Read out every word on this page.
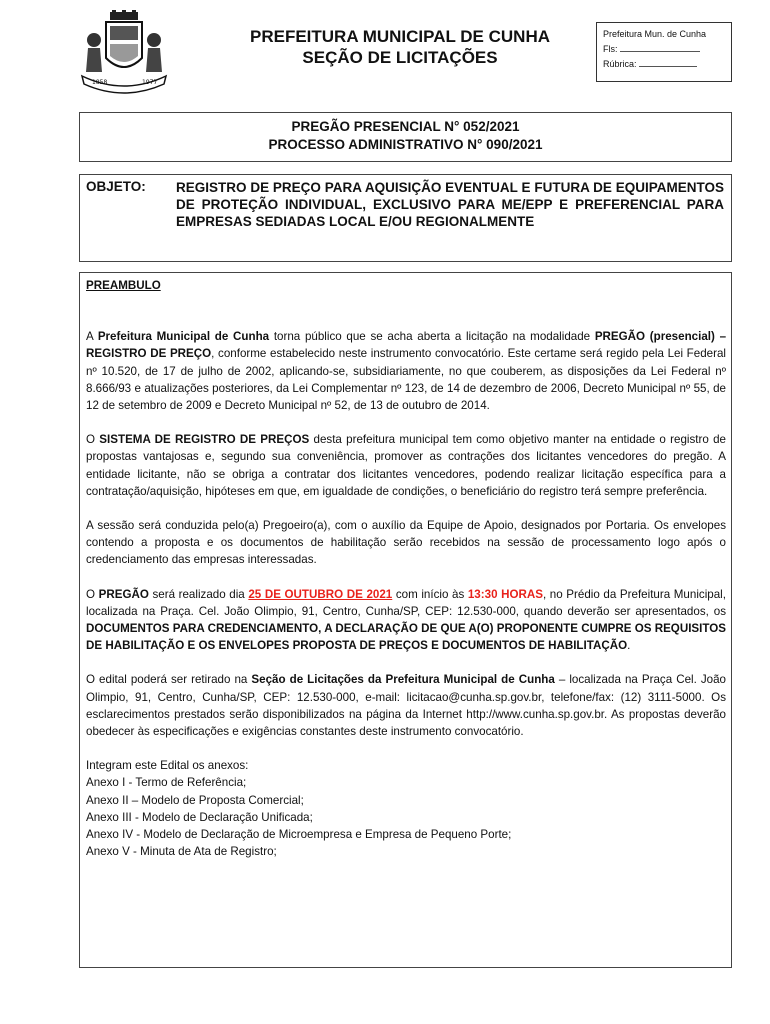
1858	1977
PREFEITURA MUNICIPAL DE CUNHA
SEÇÃO DE LICITAÇÕES
Prefeitura Mun. de Cunha
Fls:
Rúbrica:
PREGÃO PRESENCIAL N° 052/2021
PROCESSO ADMINISTRATIVO N° 090/2021
OBJETO: REGISTRO DE PREÇO PARA AQUISIÇÃO EVENTUAL E FUTURA DE EQUIPAMENTOS DE PROTEÇÃO INDIVIDUAL, EXCLUSIVO PARA ME/EPP E PREFERENCIAL PARA EMPRESAS SEDIADAS LOCAL E/OU REGIONALMENTE

PREAMBULO

A Prefeitura Municipal de Cunha torna público que se acha aberta a licitação na modalidade PREGÃO (presencial) – REGISTRO DE PREÇO, conforme estabelecido neste instrumento convocatório. Este certame será regido pela Lei Federal nº 10.520, de 17 de julho de 2002, aplicando-se, subsidiariamente, no que couberem, as disposições da Lei Federal nº 8.666/93 e atualizações posteriores, da Lei Complementar nº 123, de 14 de dezembro de 2006, Decreto Municipal nº 55, de 12 de setembro de 2009 e Decreto Municipal nº 52, de 13 de outubro de 2014.

O SISTEMA DE REGISTRO DE PREÇOS desta prefeitura municipal tem como objetivo manter na entidade o registro de propostas vantajosas e, segundo sua conveniência, promover as contrações dos licitantes vencedores do pregão. A entidade licitante, não se obriga a contratar dos licitantes vencedores, podendo realizar licitação específica para a contratação/aquisição, hipóteses em que, em igualdade de condições, o beneficiário do registro terá sempre preferência.

A sessão será conduzida pelo(a) Pregoeiro(a), com o auxílio da Equipe de Apoio, designados por Portaria. Os envelopes contendo a proposta e os documentos de habilitação serão recebidos na sessão de processamento logo após o credenciamento das empresas interessadas.

O PREGÃO será realizado dia 25 DE OUTUBRO DE 2021 com início às 13:30 HORAS, no Prédio da Prefeitura Municipal, localizada na Praça. Cel. João Olimpio, 91, Centro, Cunha/SP, CEP: 12.530-000, quando deverão ser apresentados, os DOCUMENTOS PARA CREDENCIAMENTO, A DECLARAÇÃO DE QUE A(O) PROPONENTE CUMPRE OS REQUISITOS DE HABILITAÇÃO E OS ENVELOPES PROPOSTA DE PREÇOS E DOCUMENTOS DE HABILITAÇÃO.

O edital poderá ser retirado na Seção de Licitações da Prefeitura Municipal de Cunha – localizada na Praça Cel. João Olimpio, 91, Centro, Cunha/SP, CEP: 12.530-000, e-mail: licitacao@cunha.sp.gov.br, telefone/fax: (12) 3111-5000. Os esclarecimentos prestados serão disponibilizados na página da Internet http://www.cunha.sp.gov.br. As propostas deverão obedecer às especificações e exigências constantes deste instrumento convocatório.

Integram este Edital os anexos:

Anexo I - Termo de Referência;

Anexo II – Modelo de Proposta Comercial;

Anexo III - Modelo de Declaração Unificada;

Anexo IV - Modelo de Declaração de Microempresa e Empresa de Pequeno Porte;

Anexo V - Minuta de Ata de Registro;
